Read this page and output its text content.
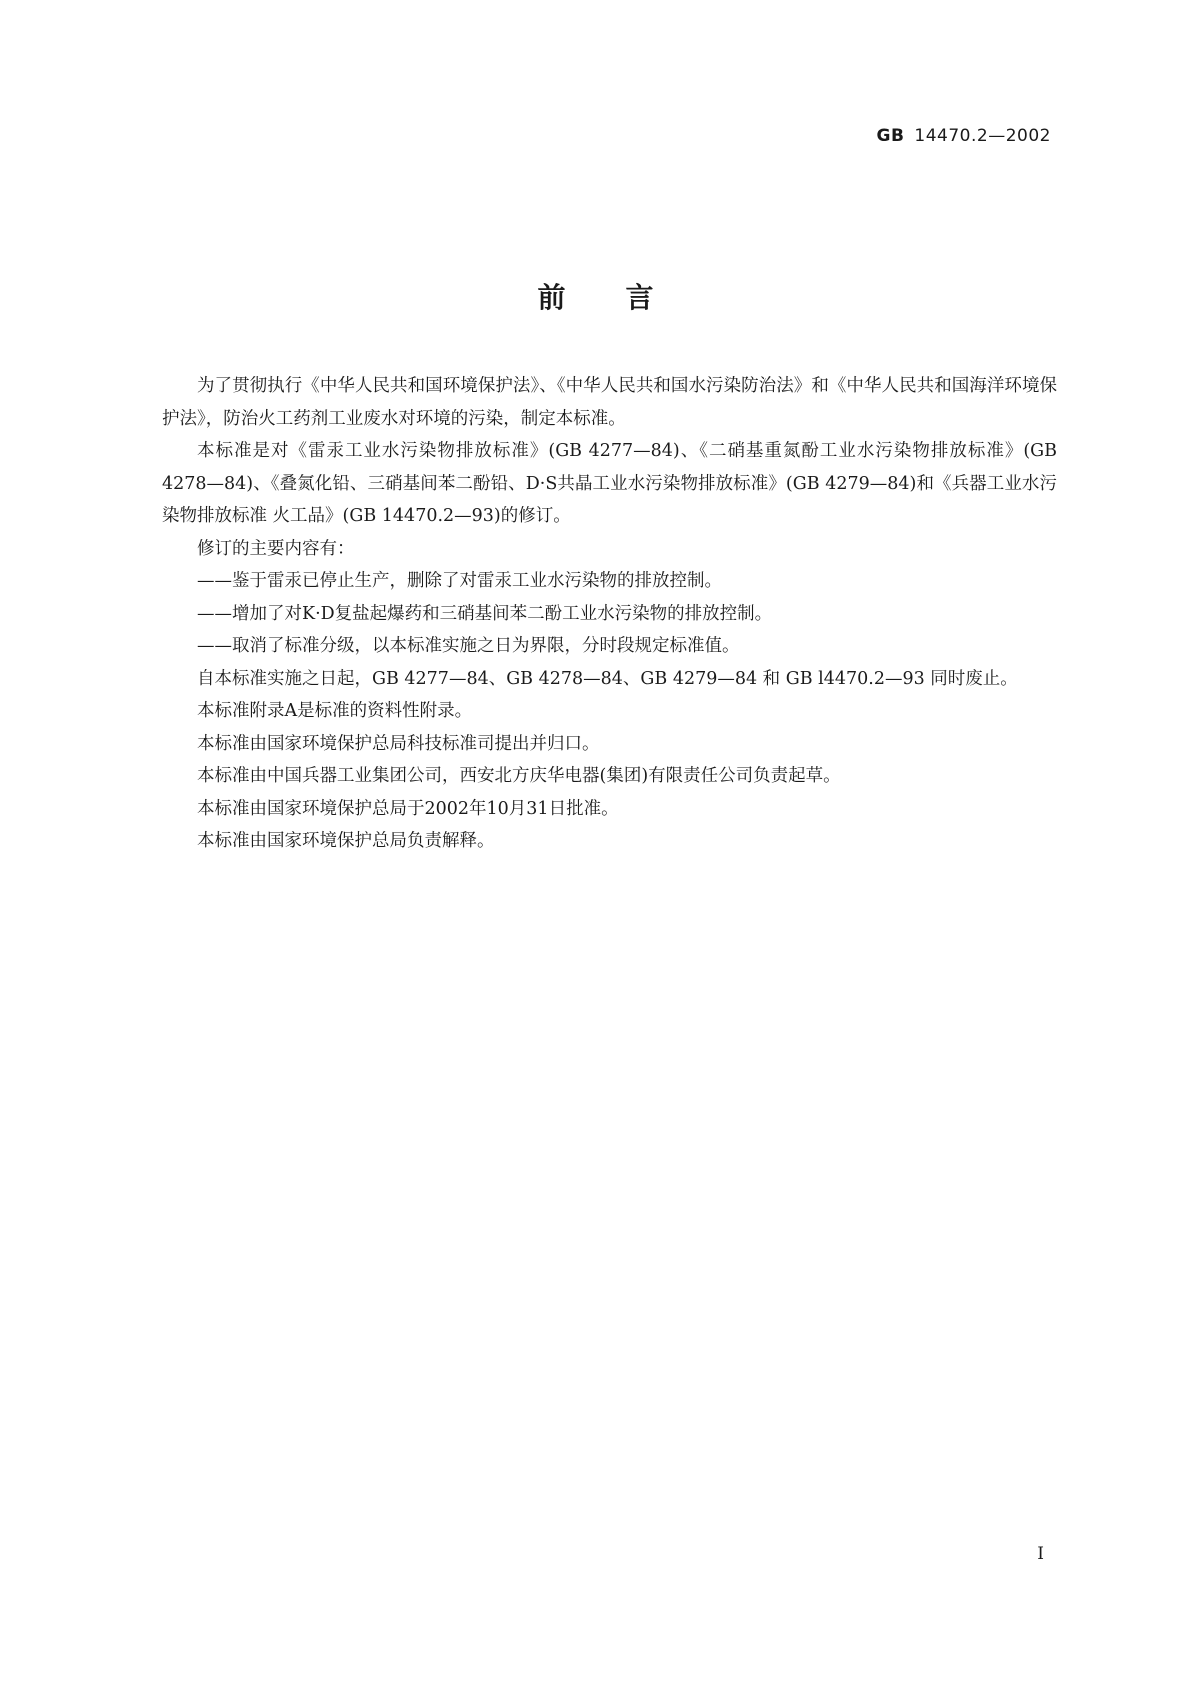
GB 14470.2—2002
前言

为了贯彻执行《中华人民共和国环境保护法》、《中华人民共和国水污染防治法》和《中华人民共和国海洋环境保护法》，防治火工药剂工业废水对环境的污染，制定本标准。

本标准是对《雷汞工业水污染物排放标准》(GB 4277—84)、《二硝基重氮酚工业水污染物排放标准》(GB 4278—84)、《叠氮化铅、三硝基间苯二酚铅、D·S共晶工业水污染物排放标准》(GB 4279—84)和《兵器工业水污染物排放标准 火工品》(GB 14470.2—93)的修订。

修订的主要内容有：

——鉴于雷汞已停止生产，删除了对雷汞工业水污染物的排放控制。

——增加了对K·D复盐起爆药和三硝基间苯二酚工业水污染物的排放控制。

——取消了标准分级，以本标准实施之日为界限，分时段规定标准值。

自本标准实施之日起，GB 4277—84、GB 4278—84、GB 4279—84 和 GB l4470.2—93 同时废止。

本标准附录A是标准的资料性附录。

本标准由国家环境保护总局科技标准司提出并归口。

本标准由中国兵器工业集团公司，西安北方庆华电器(集团)有限责任公司负责起草。

本标准由国家环境保护总局于2002年10月31日批准。

本标准由国家环境保护总局负责解释。

I
